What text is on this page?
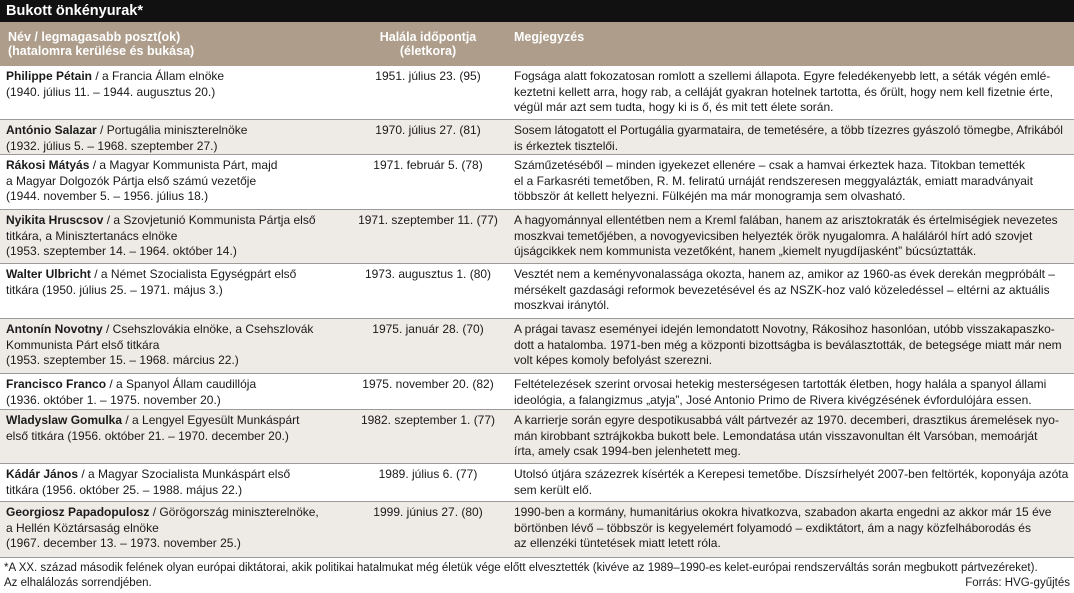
Bukott önkényurak*
Név / legmagasabb poszt(ok)
(hatalomra kerülése és bukása)
Halála időpontja
(életkora)
Megjegyzés
Philippe Pétain / a Francia Állam elnöke
(1940. július 11. – 1944. augusztus 20.)
1951. július 23. (95)	Fogsága alatt fokozatosan romlott a szellemi állapota. Egyre feledékenyebb lett, a séták végén emlé-
keztetni kellett arra, hogy rab, a celláját gyakran hotelnek tartotta, és őrült, hogy nem kell fizetnie érte,
végül már azt sem tudta, hogy ki is ő, és mit tett élete során.
António Salazar / Portugália miniszterelnöke
(1932. július 5. – 1968. szeptember 27.)
1970. július 27. (81)	Sosem látogatott el Portugália gyarmataira, de temetésére, a több tízezres gyászoló tömegbe, Afrikából
is érkeztek tisztelői.
Rákosi Mátyás / a Magyar Kommunista Párt, majd
a Magyar Dolgozók Pártja első számú vezetője
(1944. november 5. – 1956. július 18.)
1971. február 5. (78)	Száműzetéséből – minden igyekezet ellenére – csak a hamvai érkeztek haza. Titokban temették
el a Farkasréti temetőben, R. M. feliratú urnáját rendszeresen meggyalázták, emiatt maradványait
többször át kellett helyezni. Fülkéjén ma már monogramja sem olvasható.
Nyikita Hruscsov / a Szovjetunió Kommunista Pártja első
titkára, a Minisztertanács elnöke
(1953. szeptember 14. – 1964. október 14.)
1971. szeptember 11. (77)	A hagyománnyal ellentétben nem a Kreml falában, hanem az arisztokraták és értelmiségiek nevezetes
moszkvai temetőjében, a novogyevicsiben helyezték örök nyugalomra. A haláláról hírt adó szovjet
újságcikkek nem kommunista vezetőként, hanem „kiemelt nyugdíjasként” búcsúztatták.
Walter Ulbricht / a Német Szocialista Egységpárt első
titkára (1950. július 25. – 1971. május 3.)
1973. augusztus 1. (80)	Vesztét nem a keményvonalassága okozta, hanem az, amikor az 1960-as évek derekán megpróbált –
mérsékelt gazdasági reformok bevezetésével és az NSZK-hoz való közeledéssel – eltérni az aktuális
moszkvai iránytól.
Antonín Novotny / Csehszlovákia elnöke, a Csehszlovák
Kommunista Párt első titkára
(1953. szeptember 15. – 1968. március 22.)
1975. január 28. (70)	A prágai tavasz eseményei idején lemondatott Novotny, Rákosihoz hasonlóan, utóbb visszakapaszko-
dott a hatalomba. 1971-ben még a központi bizottságba is beválasztották, de betegsége miatt már nem
volt képes komoly befolyást szerezni.
Francisco Franco / a Spanyol Állam caudillója
(1936. október 1. – 1975. november 20.)
1975. november 20. (82)	Feltételezések szerint orvosai hetekig mesterségesen tartották életben, hogy halála a spanyol állami
ideológia, a falangizmus „atyja”, José Antonio Primo de Rivera kivégzésének évfordulójára essen.
Wladyslaw Gomulka / a Lengyel Egyesült Munkáspárt
első titkára (1956. október 21. – 1970. december 20.)
1982. szeptember 1. (77)	A karrierje során egyre despotikusabbá vált pártvezér az 1970. decemberi, drasztikus áremelések nyo-
mán kirobbant sztrájkokba bukott bele. Lemondatása után visszavonultan élt Varsóban, memoárját
írta, amely csak 1994-ben jelenhetett meg.
Kádár János / a Magyar Szocialista Munkáspárt első
titkára (1956. október 25. – 1988. május 22.)
1989. július 6. (77)	Utolsó útjára százezrek kísérték a Kerepesi temetőbe. Díszsírhelyét 2007-ben feltörték, koponyája azóta
sem került elő.
Georgiosz Papadopulosz / Görögország miniszterelnöke,
a Hellén Köztársaság elnöke
(1967. december 13. – 1973. november 25.)
1999. június 27. (80)	1990-ben a kormány, humanitárius okokra hivatkozva, szabadon akarta engedni az akkor már 15 éve
börtönben lévő – többször is kegyelemért folyamodó – exdiktátort, ám a nagy közfelháborodás és
az ellenzéki tüntetések miatt letett róla.
*A XX. század második felének olyan európai diktátorai, akik politikai hatalmukat még életük vége előtt elvesztették (kivéve az 1989–1990-es kelet-európai rendszerváltás során megbukott pártvezéreket).
Az elhalálozás sorrendjében.	Forrás: HVG-gyűjtés
